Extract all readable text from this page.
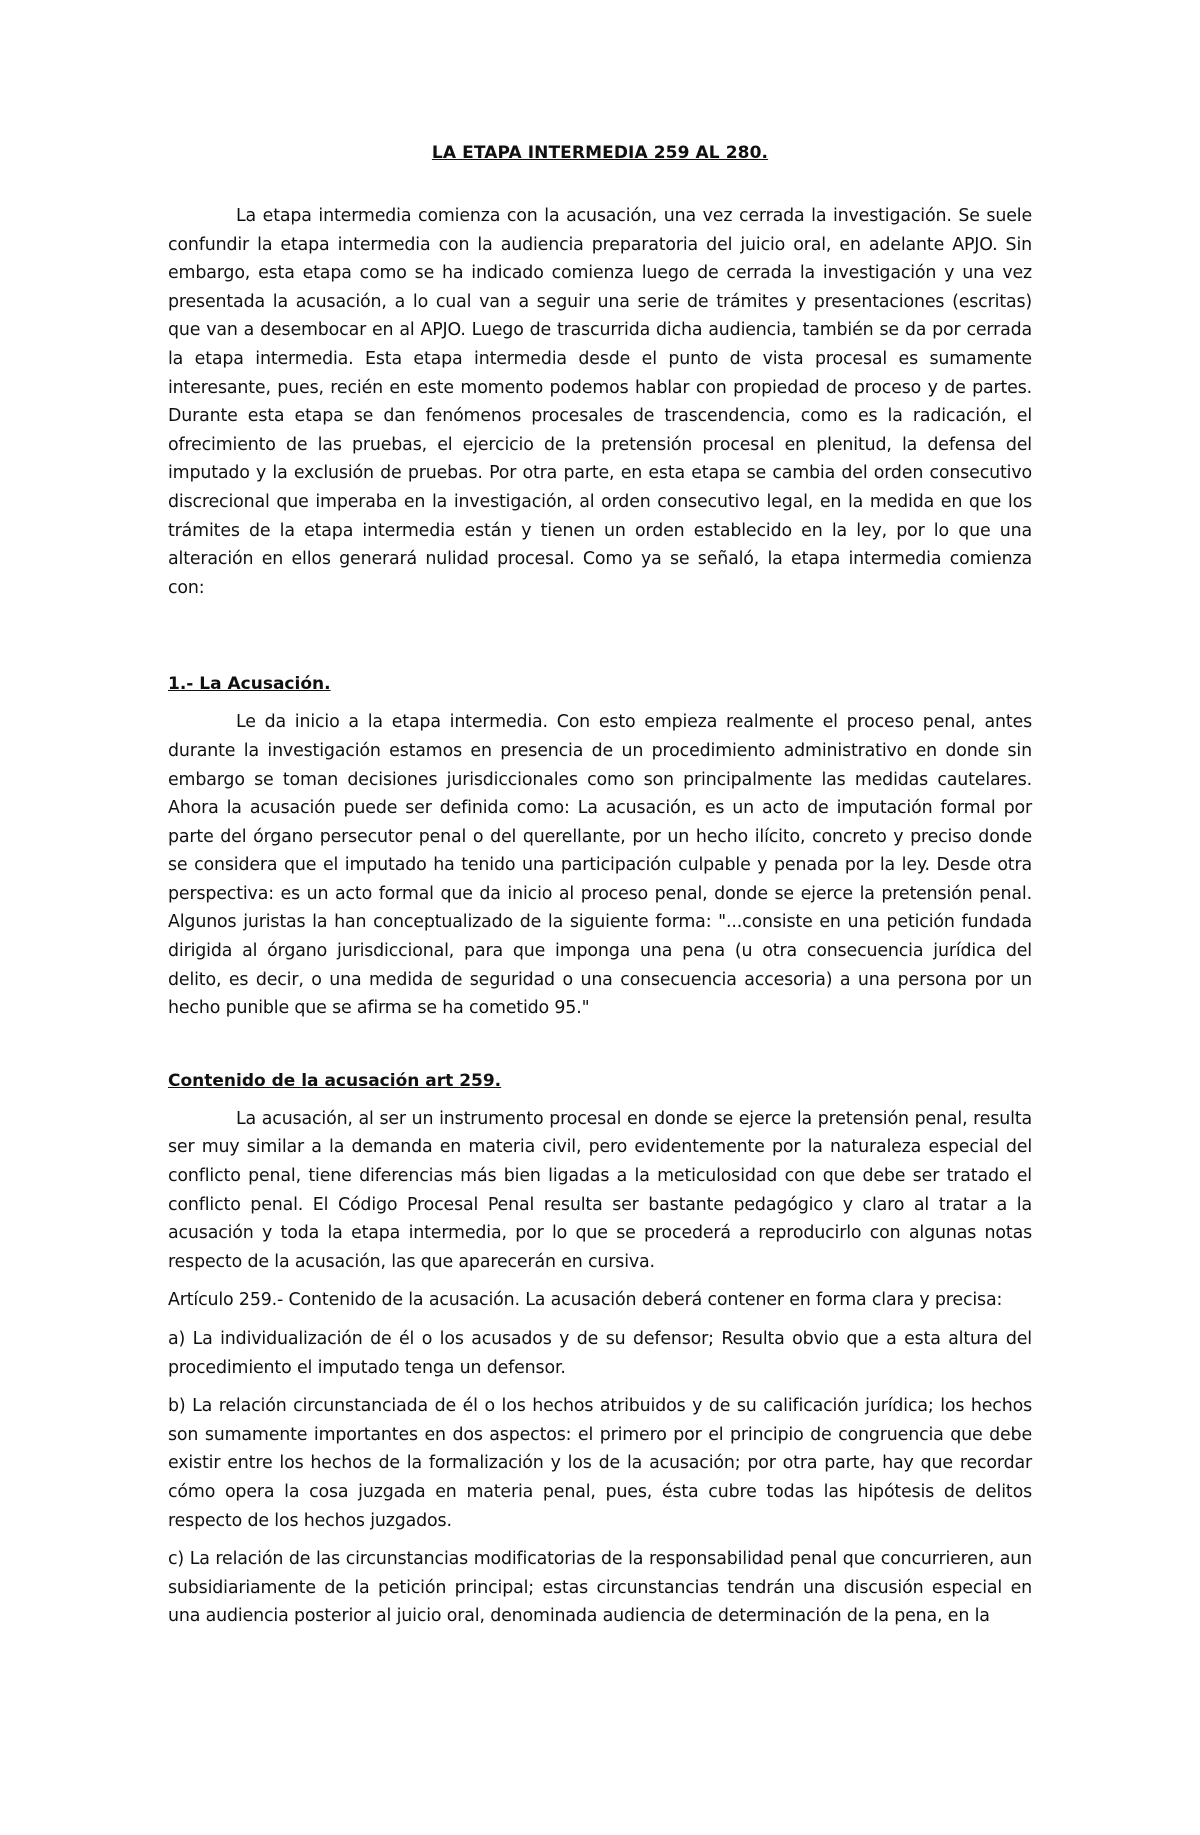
LA ETAPA INTERMEDIA 259 AL 280.

La etapa intermedia comienza con la acusación, una vez cerrada la investigación. Se suele confundir la etapa intermedia con la audiencia preparatoria del juicio oral, en adelante APJO. Sin embargo, esta etapa como se ha indicado comienza luego de cerrada la investigación y una vez presentada la acusación, a lo cual van a seguir una serie de trámites y presentaciones (escritas) que van a desembocar en al APJO. Luego de trascurrida dicha audiencia, también se da por cerrada la etapa intermedia. Esta etapa intermedia desde el punto de vista procesal es sumamente interesante, pues, recién en este momento podemos hablar con propiedad de proceso y de partes. Durante esta etapa se dan fenómenos procesales de trascendencia, como es la radicación, el ofrecimiento de las pruebas, el ejercicio de la pretensión procesal en plenitud, la defensa del imputado y la exclusión de pruebas. Por otra parte, en esta etapa se cambia del orden consecutivo discrecional que imperaba en la investigación, al orden consecutivo legal, en la medida en que los trámites de la etapa intermedia están y tienen un orden establecido en la ley, por lo que una alteración en ellos generará nulidad procesal. Como ya se señaló, la etapa intermedia comienza con:

1.- La Acusación.

Le da inicio a la etapa intermedia. Con esto empieza realmente el proceso penal, antes durante la investigación estamos en presencia de un procedimiento administrativo en donde sin embargo se toman decisiones jurisdiccionales como son principalmente las medidas cautelares. Ahora la acusación puede ser definida como: La acusación, es un acto de imputación formal por parte del órgano persecutor penal o del querellante, por un hecho ilícito, concreto y preciso donde se considera que el imputado ha tenido una participación culpable y penada por la ley. Desde otra perspectiva: es un acto formal que da inicio al proceso penal, donde se ejerce la pretensión penal. Algunos juristas la han conceptualizado de la siguiente forma: "...consiste en una petición fundada dirigida al órgano jurisdiccional, para que imponga una pena (u otra consecuencia jurídica del delito, es decir, o una medida de seguridad o una consecuencia accesoria) a una persona por un hecho punible que se afirma se ha cometido 95."

Contenido de la acusación art 259.

La acusación, al ser un instrumento procesal en donde se ejerce la pretensión penal, resulta ser muy similar a la demanda en materia civil, pero evidentemente por la naturaleza especial del conflicto penal, tiene diferencias más bien ligadas a la meticulosidad con que debe ser tratado el conflicto penal. El Código Procesal Penal resulta ser bastante pedagógico y claro al tratar a la acusación y toda la etapa intermedia, por lo que se procederá a reproducirlo con algunas notas respecto de la acusación, las que aparecerán en cursiva.

Artículo 259.- Contenido de la acusación. La acusación deberá contener en forma clara y precisa:

a) La individualización de él o los acusados y de su defensor; Resulta obvio que a esta altura del procedimiento el imputado tenga un defensor.

b) La relación circunstanciada de él o los hechos atribuidos y de su calificación jurídica; los hechos son sumamente importantes en dos aspectos: el primero por el principio de congruencia que debe existir entre los hechos de la formalización y los de la acusación; por otra parte, hay que recordar cómo opera la cosa juzgada en materia penal, pues, ésta cubre todas las hipótesis de delitos respecto de los hechos juzgados.

c) La relación de las circunstancias modificatorias de la responsabilidad penal que concurrieren, aun subsidiariamente de la petición principal; estas circunstancias tendrán una discusión especial en una audiencia posterior al juicio oral, denominada audiencia de determinación de la pena, en la
